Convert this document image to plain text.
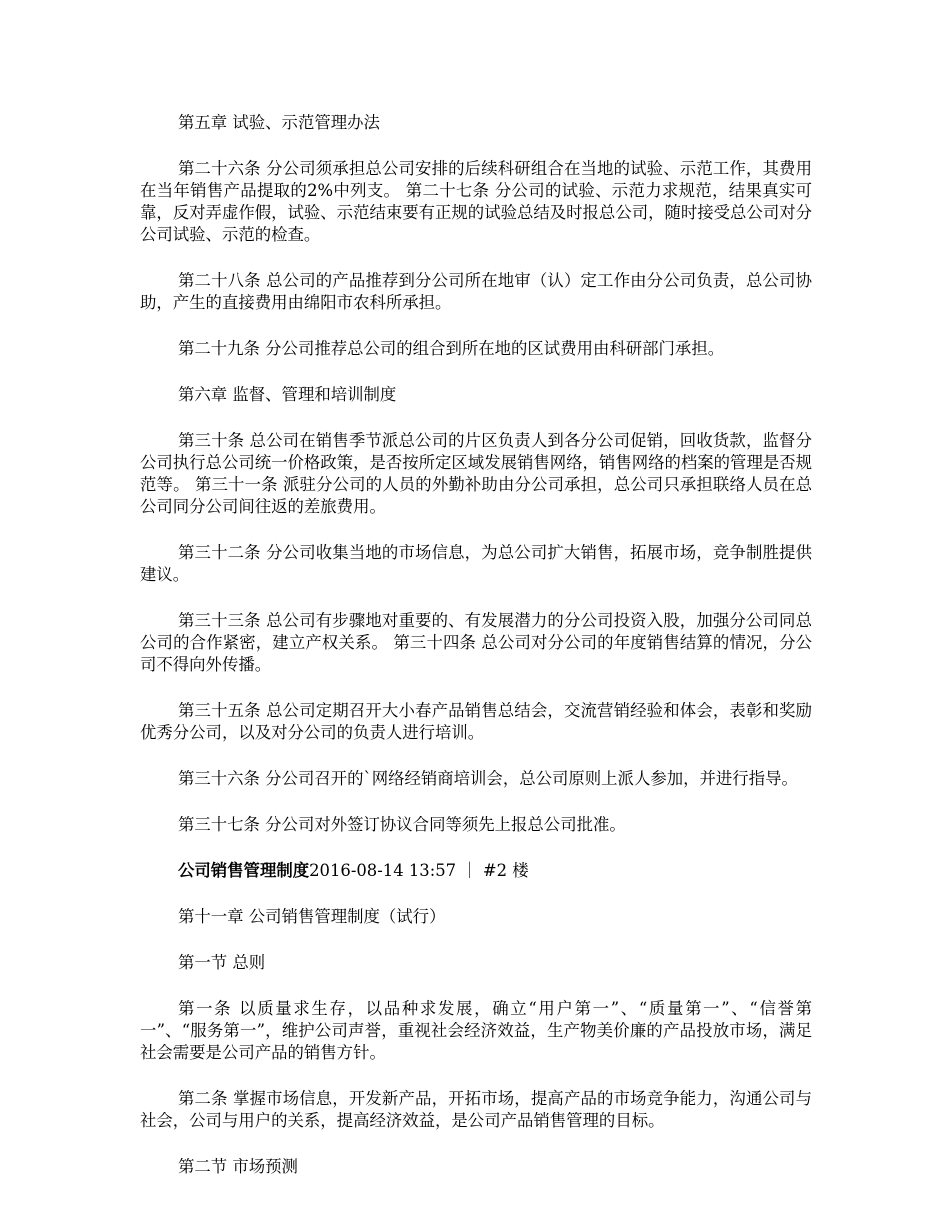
第五章 试验、示范管理办法

第二十六条 分公司须承担总公司安排的后续科研组合在当地的试验、示范工作，其费用在当年销售产品提取的2%中列支。 第二十七条 分公司的试验、示范力求规范，结果真实可靠，反对弄虚作假，试验、示范结束要有正规的试验总结及时报总公司，随时接受总公司对分公司试验、示范的检查。

第二十八条 总公司的产品推荐到分公司所在地审（认）定工作由分公司负责，总公司协助，产生的直接费用由绵阳市农科所承担。

第二十九条 分公司推荐总公司的组合到所在地的区试费用由科研部门承担。

第六章 监督、管理和培训制度

第三十条 总公司在销售季节派总公司的片区负责人到各分公司促销，回收货款，监督分公司执行总公司统一价格政策，是否按所定区域发展销售网络，销售网络的档案的管理是否规范等。 第三十一条 派驻分公司的人员的外勤补助由分公司承担，总公司只承担联络人员在总公司同分公司间往返的差旅费用。

第三十二条 分公司收集当地的市场信息，为总公司扩大销售，拓展市场，竞争制胜提供建议。

第三十三条 总公司有步骤地对重要的、有发展潜力的分公司投资入股，加强分公司同总公司的合作紧密，建立产权关系。 第三十四条 总公司对分公司的年度销售结算的情况，分公司不得向外传播。

第三十五条 总公司定期召开大小春产品销售总结会，交流营销经验和体会，表彰和奖励优秀分公司，以及对分公司的负责人进行培训。

第三十六条 分公司召开的`网络经销商培训会，总公司原则上派人参加，并进行指导。

第三十七条 分公司对外签订协议合同等须先上报总公司批准。

公司销售管理制度2016-08-14 13:57 ｜ #2 楼

第十一章 公司销售管理制度（试行）

第一节 总则

第一条 以质量求生存，以品种求发展，确立“用户第一”、“质量第一”、“信誉第一”、“服务第一”，维护公司声誉，重视社会经济效益，生产物美价廉的产品投放市场，满足社会需要是公司产品的销售方针。

第二条 掌握市场信息，开发新产品，开拓市场，提高产品的市场竞争能力，沟通公司与社会，公司与用户的关系，提高经济效益，是公司产品销售管理的目标。

第二节 市场预测
